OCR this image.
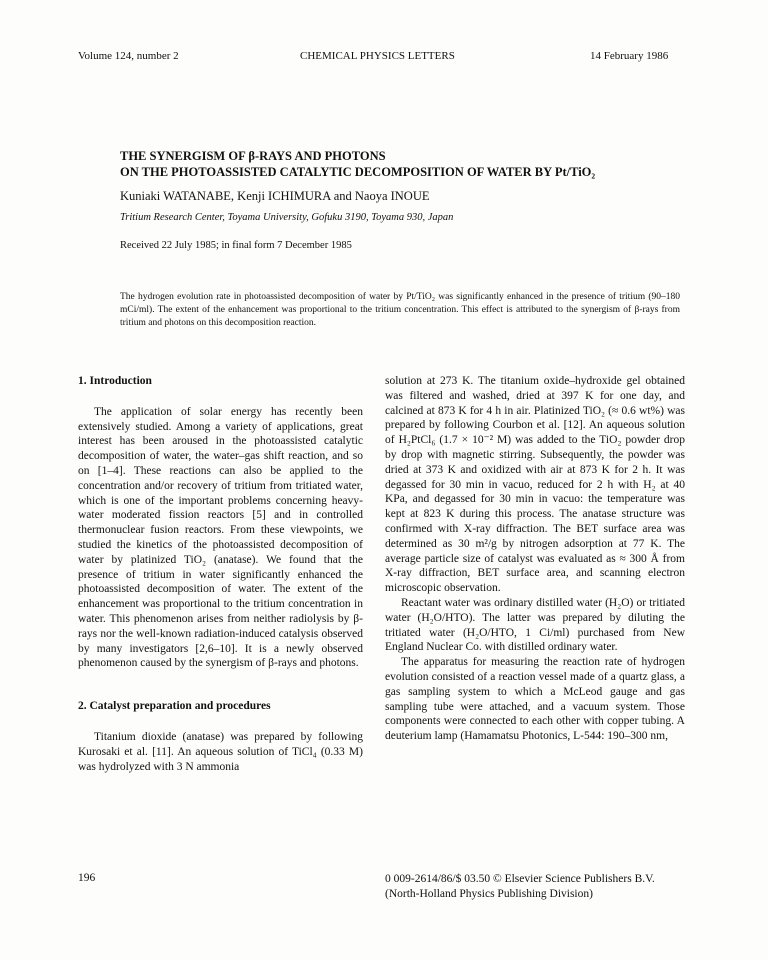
Volume 124, number 2	CHEMICAL PHYSICS LETTERS	14 February 1986
THE SYNERGISM OF β-RAYS AND PHOTONS
ON THE PHOTOASSISTED CATALYTIC DECOMPOSITION OF WATER BY Pt/TiO₂
Kuniaki WATANABE, Kenji ICHIMURA and Naoya INOUE
Tritium Research Center, Toyama University, Gofuku 3190, Toyama 930, Japan
Received 22 July 1985; in final form 7 December 1985
The hydrogen evolution rate in photoassisted decomposition of water by Pt/TiO₂ was significantly enhanced in the presence of tritium (90–180 mCi/ml). The extent of the enhancement was proportional to the tritium concentration. This effect is attributed to the synergism of β-rays from tritium and photons on this decomposition reaction.

1. Introduction

The application of solar energy has recently been extensively studied. Among a variety of applications, great interest has been aroused in the photoassisted catalytic decomposition of water, the water–gas shift reaction, and so on [1–4]. These reactions can also be applied to the concentration and/or recovery of tritium from tritiated water, which is one of the important problems concerning heavy-water moderated fission reactors [5] and in controlled thermonuclear fusion reactors. From these viewpoints, we studied the kinetics of the photoassisted decomposition of water by platinized TiO₂ (anatase). We found that the presence of tritium in water significantly enhanced the photoassisted decomposition of water. The extent of the enhancement was proportional to the tritium concentration in water. This phenomenon arises from neither radiolysis by β-rays nor the well-known radiation-induced catalysis observed by many investigators [2,6–10]. It is a newly observed phenomenon caused by the synergism of β-rays and photons.

2. Catalyst preparation and procedures

Titanium dioxide (anatase) was prepared by following Kurosaki et al. [11]. An aqueous solution of TiCl₄ (0.33 M) was hydrolyzed with 3 N ammonia

solution at 273 K. The titanium oxide–hydroxide gel obtained was filtered and washed, dried at 397 K for one day, and calcined at 873 K for 4 h in air. Platinized TiO₂ (≈ 0.6 wt%) was prepared by following Courbon et al. [12]. An aqueous solution of H₂PtCl₆ (1.7 × 10⁻² M) was added to the TiO₂ powder drop by drop with magnetic stirring. Subsequently, the powder was dried at 373 K and oxidized with air at 873 K for 2 h. It was degassed for 30 min in vacuo, reduced for 2 h with H₂ at 40 KPa, and degassed for 30 min in vacuo: the temperature was kept at 823 K during this process. The anatase structure was confirmed with X-ray diffraction. The BET surface area was determined as 30 m²/g by nitrogen adsorption at 77 K. The average particle size of catalyst was evaluated as ≈ 300 Å from X-ray diffraction, BET surface area, and scanning electron microscopic observation.

Reactant water was ordinary distilled water (H₂O) or tritiated water (H₂O/HTO). The latter was prepared by diluting the tritiated water (H₂O/HTO, 1 Ci/ml) purchased from New England Nuclear Co. with distilled ordinary water.

The apparatus for measuring the reaction rate of hydrogen evolution consisted of a reaction vessel made of a quartz glass, a gas sampling system to which a McLeod gauge and gas sampling tube were attached, and a vacuum system. Those components were connected to each other with copper tubing. A deuterium lamp (Hamamatsu Photonics, L-544: 190–300 nm,

196	0 009-2614/86/$ 03.50 © Elsevier Science Publishers B.V.
(North-Holland Physics Publishing Division)
